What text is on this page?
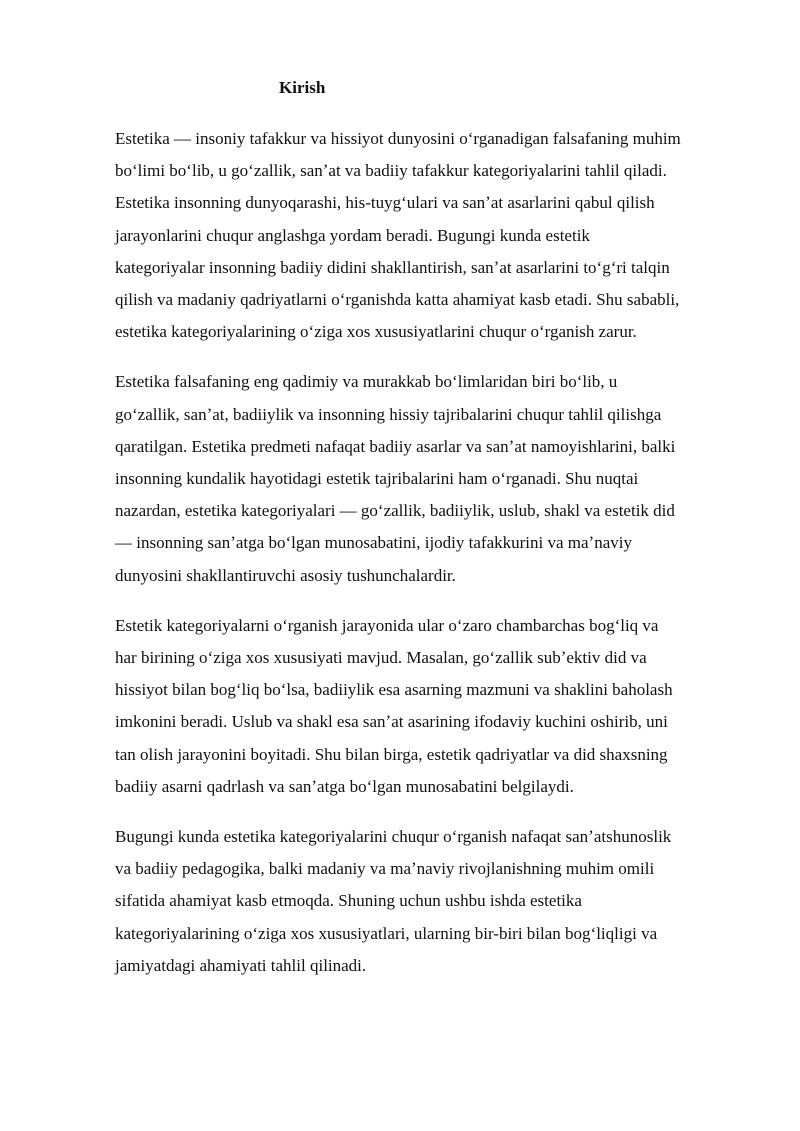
Kirish

Estetika — insoniy tafakkur va hissiyot dunyosini oʻrganadigan falsafaning muhim
boʻlimi boʻlib, u goʻzallik, sanʼat va badiiy tafakkur kategoriyalarini tahlil qiladi.
Estetika insonning dunyoqarashi, his-tuygʻulari va sanʼat asarlarini qabul qilish
jarayonlarini chuqur anglashga yordam beradi. Bugungi kunda estetik
kategoriyalar insonning badiiy didini shakllantirish, sanʼat asarlarini toʻgʻri talqin
qilish va madaniy qadriyatlarni oʻrganishda katta ahamiyat kasb etadi. Shu sababli,
estetika kategoriyalarining oʻziga xos xususiyatlarini chuqur oʻrganish zarur.

Estetika falsafaning eng qadimiy va murakkab boʻlimlaridan biri boʻlib, u
goʻzallik, sanʼat, badiiylik va insonning hissiy tajribalarini chuqur tahlil qilishga
qaratilgan. Estetika predmeti nafaqat badiiy asarlar va sanʼat namoyishlarini, balki
insonning kundalik hayotidagi estetik tajribalarini ham oʻrganadi. Shu nuqtai
nazardan, estetika kategoriyalari — goʻzallik, badiiylik, uslub, shakl va estetik did
— insonning sanʼatga boʻlgan munosabatini, ijodiy tafakkurini va maʼnaviy
dunyosini shakllantiruvchi asosiy tushunchalardir.

Estetik kategoriyalarni oʻrganish jarayonida ular oʻzaro chambarchas bogʻliq va
har birining oʻziga xos xususiyati mavjud. Masalan, goʻzallik subʼektiv did va
hissiyot bilan bogʻliq boʻlsa, badiiylik esa asarning mazmuni va shaklini baholash
imkonini beradi. Uslub va shakl esa sanʼat asarining ifodaviy kuchini oshirib, uni
tan olish jarayonini boyitadi. Shu bilan birga, estetik qadriyatlar va did shaxsning
badiiy asarni qadrlash va sanʼatga boʻlgan munosabatini belgilaydi.

Bugungi kunda estetika kategoriyalarini chuqur oʻrganish nafaqat sanʼatshunoslik
va badiiy pedagogika, balki madaniy va maʼnaviy rivojlanishning muhim omili
sifatida ahamiyat kasb etmoqda. Shuning uchun ushbu ishda estetika
kategoriyalarining oʻziga xos xususiyatlari, ularning bir-biri bilan bogʻliqligi va
jamiyatdagi ahamiyati tahlil qilinadi.
